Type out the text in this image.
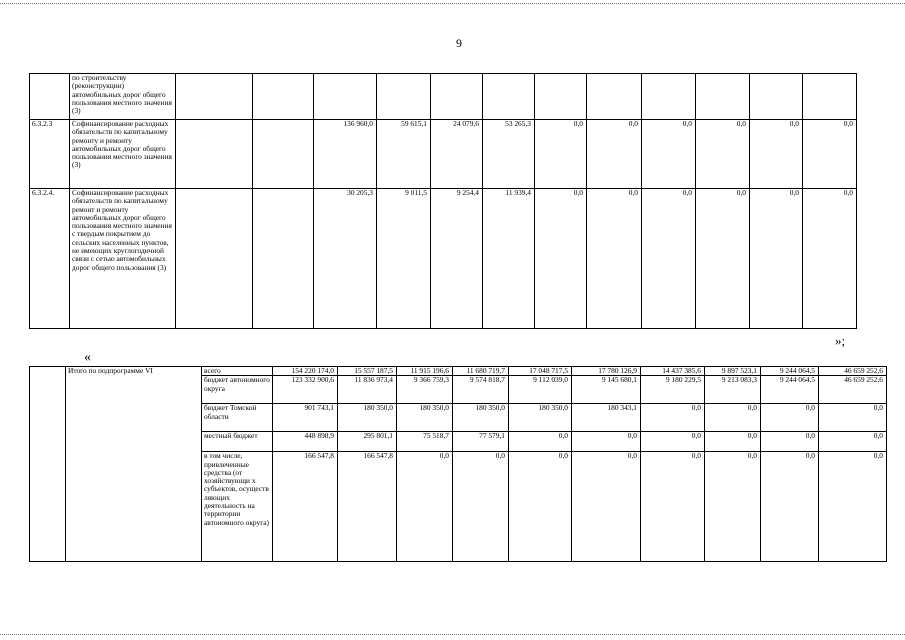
9
	по строительству (реконструкции) автомобильных дорог общего пользования местного значения (3)												
6.3.2.3	Софинансирование расходных обязательств по капитальному ремонту и ремонту автомобильных дорог общего пользования местного значения (3)			136 960,0	59 615,1	24 079,6	53 265,3	0,0	0,0	0,0	0,0	0,0	0,0
6.3.2.4.	Софинансирование расходных обязательств по капитальному ремонт и ремонту автомобильных дорог общего пользования местного значения с твердым покрытием до сельских населенных пунктов, не имеющих круглогодичной связи с сетью автомобильных дорог общего пользования (3)			30 205,3	9 011,5	9 254,4	11 939,4	0,0	0,0	0,0	0,0	0,0	0,0
»;
«
	Итого по подпрограмме VI	всего	154 220 174,0	15 557 187,5	11 915 196,6	11 680 719,7	17 048 717,5	17 780 126,9	14 437 385,6	9 897 523,1	9 244 064,5	46 659 252,6
		бюджет автономного округа	123 332 900,6	11 836 973,4	9 366 759,3	9 574 818,7	9 112 039,0	9 145 680,1	9 180 229,5	9 213 083,3	9 244 064,5	46 659 252,6
		бюджет Томской области	901 743,1	180 350,0	180 350,0	180 350,0	180 350,0	180 343,1	0,0	0,0	0,0	0,0
		местный бюджет	448 898,9	295 801,1	75 518,7	77 579,1	0,0	0,0	0,0	0,0	0,0	0,0
		в том числе, привлеченные средства (от хозяйствующи х субъектов, осуществ ляющих деятельность на территории автономного округа)	166 547,8	166 547,8	0,0	0,0	0,0	0,0	0,0	0,0	0,0	0,0
